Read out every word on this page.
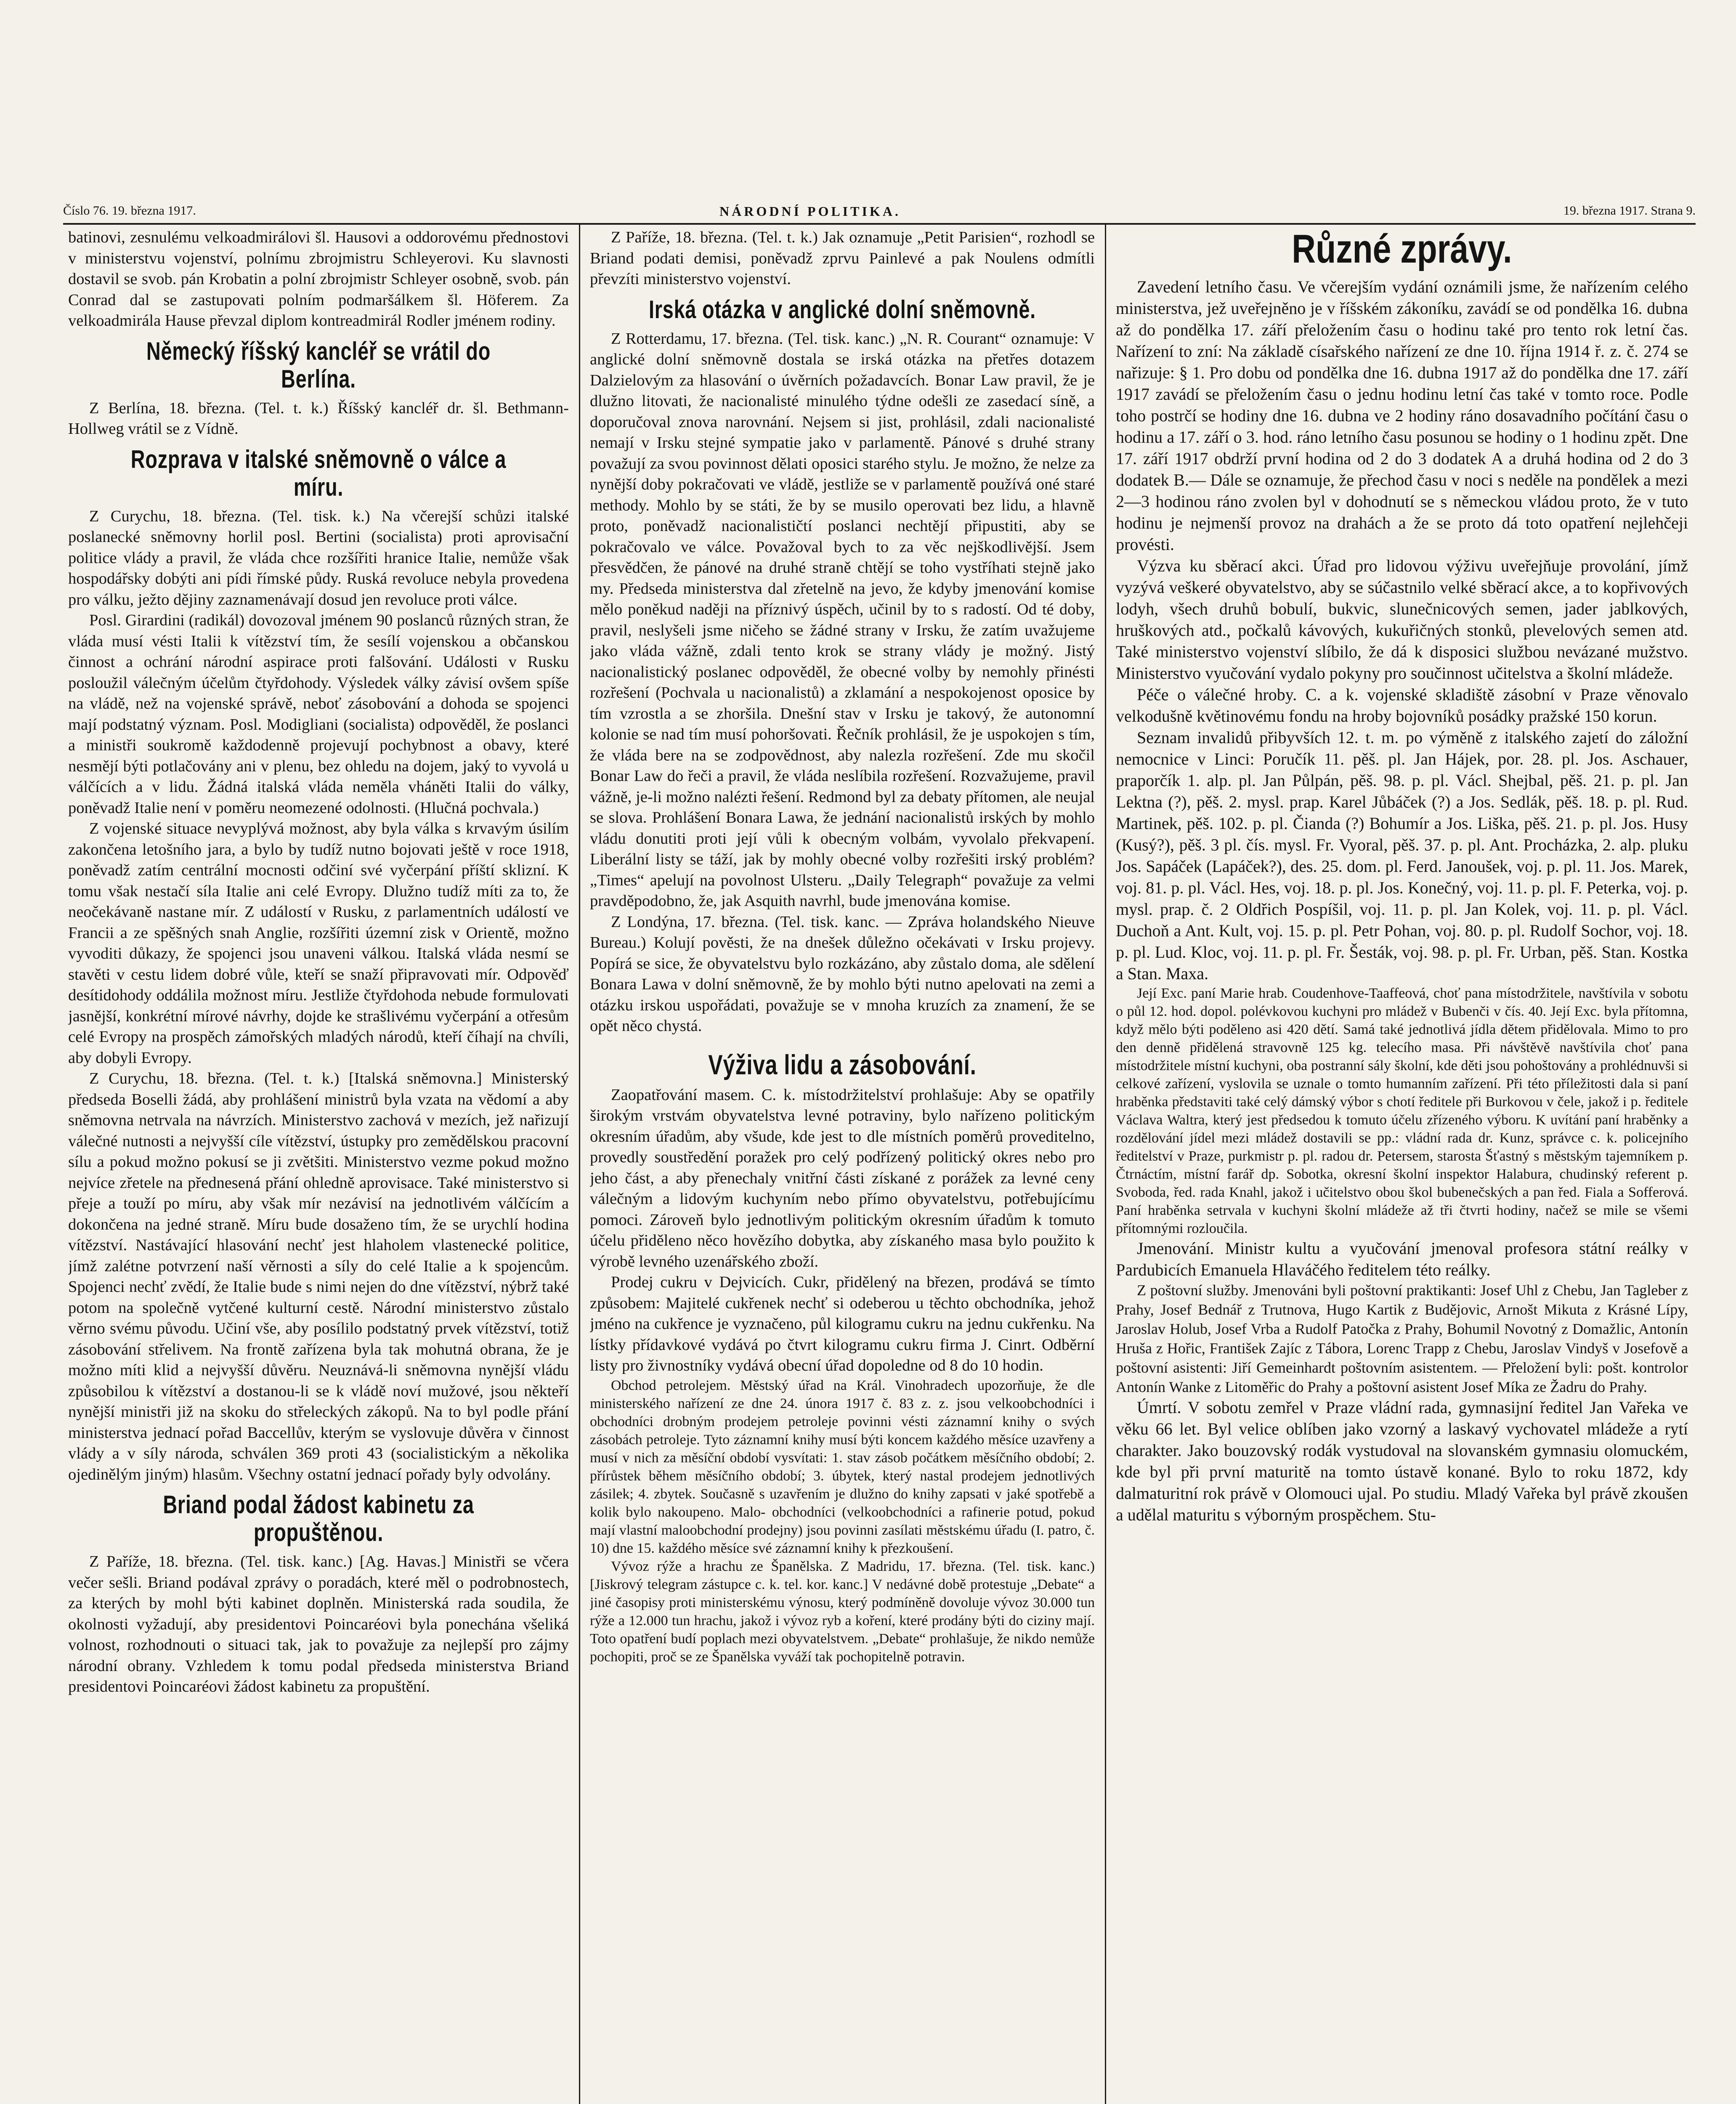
Číslo 76. 19. března 1917.	NÁRODNÍ POLITIKA.	19. března 1917. Strana 9.

batinovi, zesnulému velkoadmirálovi šl. Hausovi a oddorovému přednostovi v ministerstvu vojenství, polnímu zbrojmistru Schleyerovi. Ku slavnosti dostavil se svob. pán Krobatin a polní zbrojmistr Schleyer osobně, svob. pán Conrad dal se zastupovati polním podmaršálkem šl. Höferem. Za velkoadmirála Hause převzal diplom kontreadmirál Rodler jménem rodiny.

Německý říšský kancléř se vrátil do Berlína.

Z Berlína, 18. března. (Tel. t. k.) Říšský kancléř dr. šl. Bethmann-Hollweg vrátil se z Vídně.

Rozprava v italské sněmovně o válce a míru.

Z Curychu, 18. března. (Tel. tisk. k.) Na včerejší schůzi italské poslanecké sněmovny horlil posl. Bertini (socialista) proti aprovisační politice vlády a pravil, že vláda chce rozšířiti hranice Italie, nemůže však hospodářsky dobýti ani pídi římské půdy. Ruská revoluce nebyla provedena pro válku, ježto dějiny zaznamenávají dosud jen revoluce proti válce.

Posl. Girardini (radikál) dovozoval jménem 90 poslanců různých stran, že vláda musí vésti Italii k vítězství tím, že sesílí vojenskou a občanskou činnost a ochrání národní aspirace proti falšování. Události v Rusku posloužil válečným účelům čtyřdohody. Výsledek války závisí ovšem spíše na vládě, než na vojenské správě, neboť zásobování a dohoda se spojenci mají podstatný význam. Posl. Modigliani (socialista) odpověděl, že poslanci a ministři soukromě každodenně projevují pochybnost a obavy, které nesmějí býti potlačovány ani v plenu, bez ohledu na dojem, jaký to vyvolá u válčících a v lidu. Žádná italská vláda neměla vháněti Italii do války, poněvadž Italie není v poměru neomezené odolnosti. (Hlučná pochvala.)

Z vojenské situace nevyplývá možnost, aby byla válka s krvavým úsilím zakončena letošního jara, a bylo by tudíž nutno bojovati ještě v roce 1918, poněvadž zatím centrální mocnosti odčiní své vyčerpání příští sklizní. K tomu však nestačí síla Italie ani celé Evropy. Dlužno tudíž míti za to, že neočekávaně nastane mír. Z událostí v Rusku, z parlamentních událostí ve Francii a ze spěšných snah Anglie, rozšířiti územní zisk v Orientě, možno vyvoditi důkazy, že spojenci jsou unaveni válkou. Italská vláda nesmí se stavěti v cestu lidem dobré vůle, kteří se snaží připravovati mír. Odpověď desítidohody oddálila možnost míru. Jestliže čtyřdohoda nebude formulovati jasnější, konkrétní mírové návrhy, dojde ke strašlivému vyčerpání a otřesům celé Evropy na prospěch zámořských mladých národů, kteří číhají na chvíli, aby dobyli Evropy.

Z Curychu, 18. března. (Tel. t. k.) [Italská sněmovna.] Ministerský předseda Boselli žádá, aby prohlášení ministrů byla vzata na vědomí a aby sněmovna netrvala na návrzích. Ministerstvo zachová v mezích, jež nařizují válečné nutnosti a nejvyšší cíle vítězství, ústupky pro zemědělskou pracovní sílu a pokud možno pokusí se ji zvětšiti. Ministerstvo vezme pokud možno nejvíce zřetele na přednesená přání ohledně aprovisace. Také ministerstvo si přeje a touží po míru, aby však mír nezávisí na jednotlivém válčícím a dokončena na jedné straně. Míru bude dosaženo tím, že se urychlí hodina vítězství. Nastávající hlasování nechť jest hlaholem vlastenecké politice, jímž zalétne potvrzení naší věrnosti a síly do celé Italie a k spojencům. Spojenci nechť zvědí, že Italie bude s nimi nejen do dne vítězství, nýbrž také potom na společně vytčené kulturní cestě. Národní ministerstvo zůstalo věrno svému původu. Učiní vše, aby posílilo podstatný prvek vítězství, totiž zásobování střelivem. Na frontě zařízena byla tak mohutná obrana, že je možno míti klid a nejvyšší důvěru. Neuznává-li sněmovna nynější vládu způsobilou k vítězství a dostanou-li se k vládě noví mužové, jsou někteří nynější ministři již na skoku do střeleckých zákopů. Na to byl podle přání ministerstva jednací pořad Baccellův, kterým se vyslovuje důvěra v činnost vlády a v síly národa, schválen 369 proti 43 (socialistickým a několika ojedinělým jiným) hlasům. Všechny ostatní jednací pořady byly odvolány.

Briand podal žádost kabinetu za propuštěnou.

Z Paříže, 18. března. (Tel. tisk. kanc.) [Ag. Havas.] Ministři se včera večer sešli. Briand podával zprávy o poradách, které měl o podrobnostech, za kterých by mohl býti kabinet doplněn. Ministerská rada soudila, že okolnosti vyžadují, aby presidentovi Poincaréovi byla ponechána všeliká volnost, rozhodnouti o situaci tak, jak to považuje za nejlepší pro zájmy národní obrany. Vzhledem k tomu podal předseda ministerstva Briand presidentovi Poincaréovi žádost kabinetu za propuštění.

Z Paříže, 18. března. (Tel. t. k.) Jak oznamuje „Petit Parisien“, rozhodl se Briand podati demisi, poněvadž zprvu Painlevé a pak Noulens odmítli převzíti ministerstvo vojenství.

Irská otázka v anglické dolní sněmovně.

Z Rotterdamu, 17. března. (Tel. tisk. kanc.) „N. R. Courant“ oznamuje: V anglické dolní sněmovně dostala se irská otázka na přetřes dotazem Dalzielovým za hlasování o úvěrních požadavcích. Bonar Law pravil, že je dlužno litovati, že nacionalisté minulého týdne odešli ze zasedací síně, a doporučoval znova narovnání. Nejsem si jist, prohlásil, zdali nacionalisté nemají v Irsku stejné sympatie jako v parlamentě. Pánové s druhé strany považují za svou povinnost dělati oposici starého stylu. Je možno, že nelze za nynější doby pokračovati ve vládě, jestliže se v parlamentě používá oné staré methody. Mohlo by se státi, že by se musilo operovati bez lidu, a hlavně proto, poněvadž nacionalističtí poslanci nechtějí připustiti, aby se pokračovalo ve válce. Považoval bych to za věc nejškodlivější. Jsem přesvědčen, že pánové na druhé straně chtějí se toho vystříhati stejně jako my. Předseda ministerstva dal zřetelně na jevo, že kdyby jmenování komise mělo poněkud naději na příznivý úspěch, učinil by to s radostí. Od té doby, pravil, neslyšeli jsme ničeho se žádné strany v Irsku, že zatím uvažujeme jako vláda vážně, zdali tento krok se strany vlády je možný. Jistý nacionalistický poslanec odpověděl, že obecné volby by nemohly přinésti rozřešení (Pochvala u nacionalistů) a zklamání a nespokojenost oposice by tím vzrostla a se zhoršila. Dnešní stav v Irsku je takový, že autonomní kolonie se nad tím musí pohoršovati. Řečník prohlásil, že je uspokojen s tím, že vláda bere na se zodpovědnost, aby nalezla rozřešení. Zde mu skočil Bonar Law do řeči a pravil, že vláda neslíbila rozřešení. Rozvažujeme, pravil vážně, je-li možno nalézti řešení. Redmond byl za debaty přítomen, ale neujal se slova. Prohlášení Bonara Lawa, že jednání nacionalistů irských by mohlo vládu donutiti proti její vůli k obecným volbám, vyvolalo překvapení. Liberální listy se táží, jak by mohly obecné volby rozřešiti irský problém? „Times“ apelují na povolnost Ulsteru. „Daily Telegraph“ považuje za velmi pravděpodobno, že, jak Asquith navrhl, bude jmenována komise.

Z Londýna, 17. března. (Tel. tisk. kanc. — Zpráva holandského Nieuve Bureau.) Kolují pověsti, že na dnešek důležno očekávati v Irsku projevy. Popírá se sice, že obyvatelstvu bylo rozkázáno, aby zůstalo doma, ale sdělení Bonara Lawa v dolní sněmovně, že by mohlo býti nutno apelovati na zemi a otázku irskou uspořádati, považuje se v mnoha kruzích za znamení, že se opět něco chystá.

Výživa lidu a zásobování.

Zaopatřování masem. C. k. místodržitelství prohlašuje: Aby se opatřily širokým vrstvám obyvatelstva levné potraviny, bylo nařízeno politickým okresním úřadům, aby všude, kde jest to dle místních poměrů proveditelno, provedly soustředění poražek pro celý podřízený politický okres nebo pro jeho část, a aby přenechaly vnitřní části získané z porážek za levné ceny válečným a lidovým kuchyním nebo přímo obyvatelstvu, potřebujícímu pomoci. Zároveň bylo jednotlivým politickým okresním úřadům k tomuto účelu přiděleno něco hovězího dobytka, aby získaného masa bylo použito k výrobě levného uzenářského zboží.

Prodej cukru v Dejvicích. Cukr, přidělený na březen, prodává se tímto způsobem: Majitelé cukřenek nechť si odeberou u těchto obchodníka, jehož jméno na cukřence je vyznačeno, půl kilogramu cukru na jednu cukřenku. Na lístky přídavkové vydává po čtvrt kilogramu cukru firma J. Cinrt. Odběrní listy pro živnostníky vydává obecní úřad dopoledne od 8 do 10 hodin.

Obchod petrolejem. Městský úřad na Král. Vinohradech upozorňuje, že dle ministerského nařízení ze dne 24. února 1917 č. 83 z. z. jsou velkoobchodníci i obchodníci drobným prodejem petroleje povinni vésti záznamní knihy o svých zásobách petroleje. Tyto záznamní knihy musí býti koncem každého měsíce uzavřeny a musí v nich za měsíční období vysvítati: 1. stav zásob počátkem měsíčního období; 2. přírůstek během měsíčního období; 3. úbytek, který nastal prodejem jednotlivých zásilek; 4. zbytek. Současně s uzavřením je dlužno do knihy zapsati v jaké spotřebě a kolik bylo nakoupeno. Malo- obchodníci (velkoobchodníci a rafinerie potud, pokud mají vlastní maloobchodní prodejny) jsou povinni zasílati městskému úřadu (I. patro, č. 10) dne 15. každého měsíce své záznamní knihy k přezkoušení.

Vývoz rýže a hrachu ze Španělska. Z Madridu, 17. března. (Tel. tisk. kanc.) [Jiskrový telegram zástupce c. k. tel. kor. kanc.] V nedávné době protestuje „Debate“ a jiné časopisy proti ministerskému výnosu, který podmíněně dovoluje vývoz 30.000 tun rýže a 12.000 tun hrachu, jakož i vývoz ryb a koření, které prodány býti do ciziny mají. Toto opatření budí poplach mezi obyvatelstvem. „Debate“ prohlašuje, že nikdo nemůže pochopiti, proč se ze Španělska vyváží tak pochopitelně potravin.

Různé zprávy.

Zavedení letního času. Ve včerejším vydání oznámili jsme, že nařízením celého ministerstva, jež uveřejněno je v říšském zákoníku, zavádí se od pondělka 16. dubna až do pondělka 17. září přeložením času o hodinu také pro tento rok letní čas. Nařízení to zní: Na základě císařského nařízení ze dne 10. října 1914 ř. z. č. 274 se nařizuje: § 1. Pro dobu od pondělka dne 16. dubna 1917 až do pondělka dne 17. září 1917 zavádí se přeložením času o jednu hodinu letní čas také v tomto roce. Podle toho postrčí se hodiny dne 16. dubna ve 2 hodiny ráno dosavadního počítání času o hodinu a 17. září o 3. hod. ráno letního času posunou se hodiny o 1 hodinu zpět. Dne 17. září 1917 obdrží první hodina od 2 do 3 dodatek A a druhá hodina od 2 do 3 dodatek B.— Dále se oznamuje, že přechod času v noci s neděle na pondělek a mezi 2—3 hodinou ráno zvolen byl v dohodnutí se s německou vládou proto, že v tuto hodinu je nejmenší provoz na drahách a že se proto dá toto opatření nejlehčeji provésti.

Výzva ku sběrací akci. Úřad pro lidovou výživu uveřejňuje provolání, jímž vyzývá veškeré obyvatelstvo, aby se súčastnilo velké sběrací akce, a to kopřivových lodyh, všech druhů bobulí, bukvic, slunečnicových semen, jader jablkových, hruškových atd., počkalů kávových, kukuřičných stonků, plevelových semen atd. Také ministerstvo vojenství slíbilo, že dá k disposici službou nevázané mužstvo. Ministerstvo vyučování vydalo pokyny pro součinnost učitelstva a školní mládeže.

Péče o válečné hroby. C. a k. vojenské skladiště zásobní v Praze věnovalo velkodušně květinovému fondu na hroby bojovníků posádky pražské 150 korun.

Seznam invalidů přibyvších 12. t. m. po výměně z italského zajetí do záložní nemocnice v Linci: Poručík 11. pěš. pl. Jan Hájek, por. 28. pl. Jos. Aschauer, praporčík 1. alp. pl. Jan Půlpán, pěš. 98. p. pl. Václ. Shejbal, pěš. 21. p. pl. Jan Lektna (?), pěš. 2. mysl. prap. Karel Jůbáček (?) a Jos. Sedlák, pěš. 18. p. pl. Rud. Martinek, pěš. 102. p. pl. Čianda (?) Bohumír a Jos. Liška, pěš. 21. p. pl. Jos. Husy (Kusý?), pěš. 3 pl. čís. mysl. Fr. Vyoral, pěš. 37. p. pl. Ant. Procházka, 2. alp. pluku Jos. Sapáček (Lapáček?), des. 25. dom. pl. Ferd. Janoušek, voj. p. pl. 11. Jos. Marek, voj. 81. p. pl. Václ. Hes, voj. 18. p. pl. Jos. Konečný, voj. 11. p. pl. F. Peterka, voj. p. mysl. prap. č. 2 Oldřich Pospíšil, voj. 11. p. pl. Jan Kolek, voj. 11. p. pl. Václ. Duchoň a Ant. Kult, voj. 15. p. pl. Petr Pohan, voj. 80. p. pl. Rudolf Sochor, voj. 18. p. pl. Lud. Kloc, voj. 11. p. pl. Fr. Šesták, voj. 98. p. pl. Fr. Urban, pěš. Stan. Kostka a Stan. Maxa.

Její Exc. paní Marie hrab. Coudenhove-Taaffeová, choť pana místodržitele, navštívila v sobotu o půl 12. hod. dopol. polévkovou kuchyni pro mládež v Bubenči v čís. 40. Její Exc. byla přítomna, když mělo býti poděleno asi 420 dětí. Samá také jednotlivá jídla dětem přidělovala. Mimo to pro den denně přidělená stravovně 125 kg. telecího masa. Při návštěvě navštívila choť pana místodržitele místní kuchyni, oba postranní sály školní, kde děti jsou pohoštovány a prohlédnuvši si celkové zařízení, vyslovila se uznale o tomto humanním zařízení. Při této příležitosti dala si paní hraběnka představiti také celý dámský výbor s chotí ředitele při Burkovou v čele, jakož i p. ředitele Václava Waltra, který jest předsedou k tomuto účelu zřízeného výboru. K uvítání paní hraběnky a rozdělování jídel mezi mládež dostavili se pp.: vládní rada dr. Kunz, správce c. k. policejního ředitelství v Praze, purkmistr p. pl. radou dr. Petersem, starosta Šťastný s městským tajemníkem p. Čtrnáctím, místní farář dp. Sobotka, okresní školní inspektor Halabura, chudinský referent p. Svoboda, řed. rada Knahl, jakož i učitelstvo obou škol bubenečských a pan řed. Fiala a Sofferová. Paní hraběnka setrvala v kuchyni školní mládeže až tři čtvrti hodiny, načež se mile se všemi přítomnými rozloučila.

Jmenování. Ministr kultu a vyučování jmenoval profesora státní reálky v Pardubicích Emanuela Hlaváčého ředitelem této reálky.

Z poštovní služby. Jmenováni byli poštovní praktikanti: Josef Uhl z Chebu, Jan Tagleber z Prahy, Josef Bednář z Trutnova, Hugo Kartik z Budějovic, Arnošt Mikuta z Krásné Lípy, Jaroslav Holub, Josef Vrba a Rudolf Patočka z Prahy, Bohumil Novotný z Domažlic, Antonín Hruša z Hořic, František Zajíc z Tábora, Lorenc Trapp z Chebu, Jaroslav Vindyš v Josefově a poštovní asistenti: Jiří Gemeinhardt poštovním asistentem. — Přeložení byli: pošt. kontrolor Antonín Wanke z Litoměřic do Prahy a poštovní asistent Josef Míka ze Žadru do Prahy.

Úmrtí. V sobotu zemřel v Praze vládní rada, gymnasijní ředitel Jan Vařeka ve věku 66 let. Byl velice oblíben jako vzorný a laskavý vychovatel mládeže a rytí charakter. Jako bouzovský rodák vystudoval na slovanském gymnasiu olomuckém, kde byl při první maturitě na tomto ústavě konané. Bylo to roku 1872, kdy dalmaturitní rok právě v Olomouci ujal. Po studiu. Mladý Vařeka byl právě zkoušen a udělal maturitu s výborným prospěchem. Stu-
